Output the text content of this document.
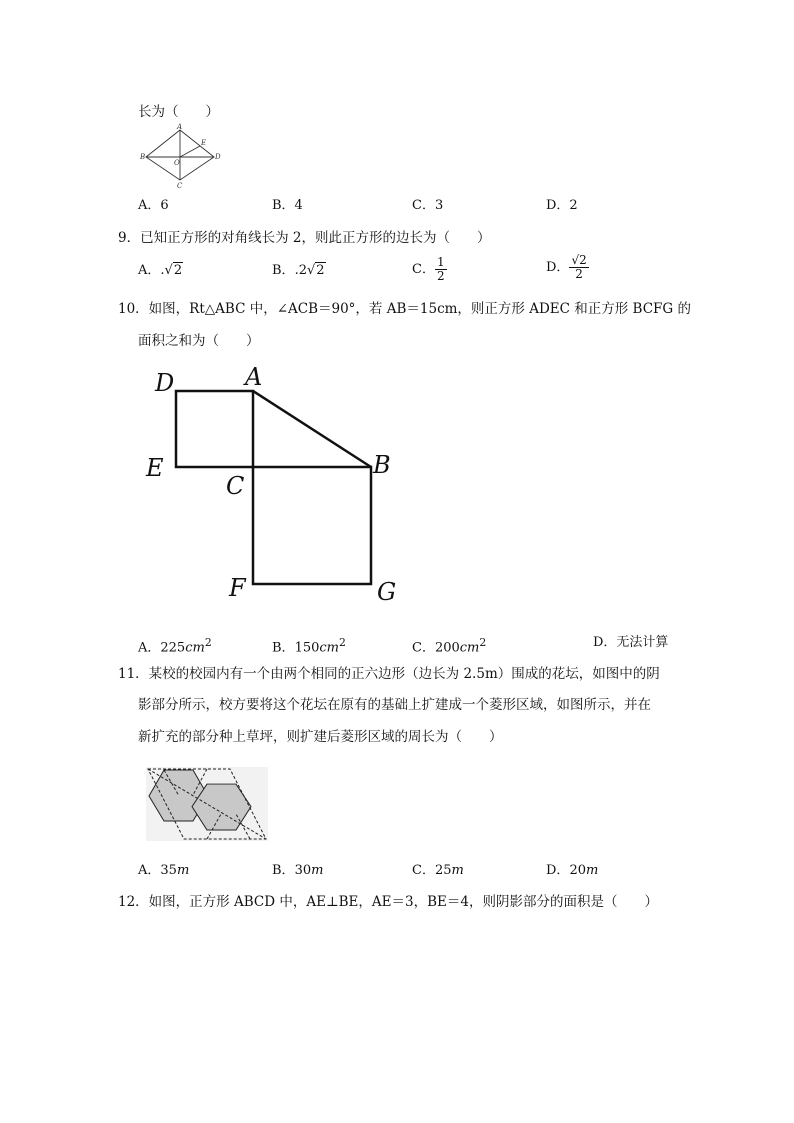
长为（　　）
A
B
C
D
E
O
A．6	B．4	C．3	D．2
9．已知正方形的对角线长为 2，则此正方形的边长为（　　）
A．.√2	B．.2√2	C． $\frac{1}{2}$	D． $\frac{√2}{2}$
10．如图，Rt△ABC 中，∠ACB＝90°，若 AB＝15cm，则正方形 ADEC 和正方形 BCFG 的
面积之和为（　　）
D	A
E	B
C
F	G
A．$225cm^2$	B．$150cm^2$	C．$200cm^2$	D．无法计算
11．某校的校园内有一个由两个相同的正六边形（边长为 2.5m）围成的花坛，如图中的阴
影部分所示，校方要将这个花坛在原有的基础上扩建成一个菱形区域，如图所示，并在
新扩充的部分种上草坪，则扩建后菱形区域的周长为（　　）
A．35m	B．30m	C．25m	D．20m
12．如图，正方形 ABCD 中，AE⊥BE，AE＝3，BE＝4，则阴影部分的面积是（　　）
